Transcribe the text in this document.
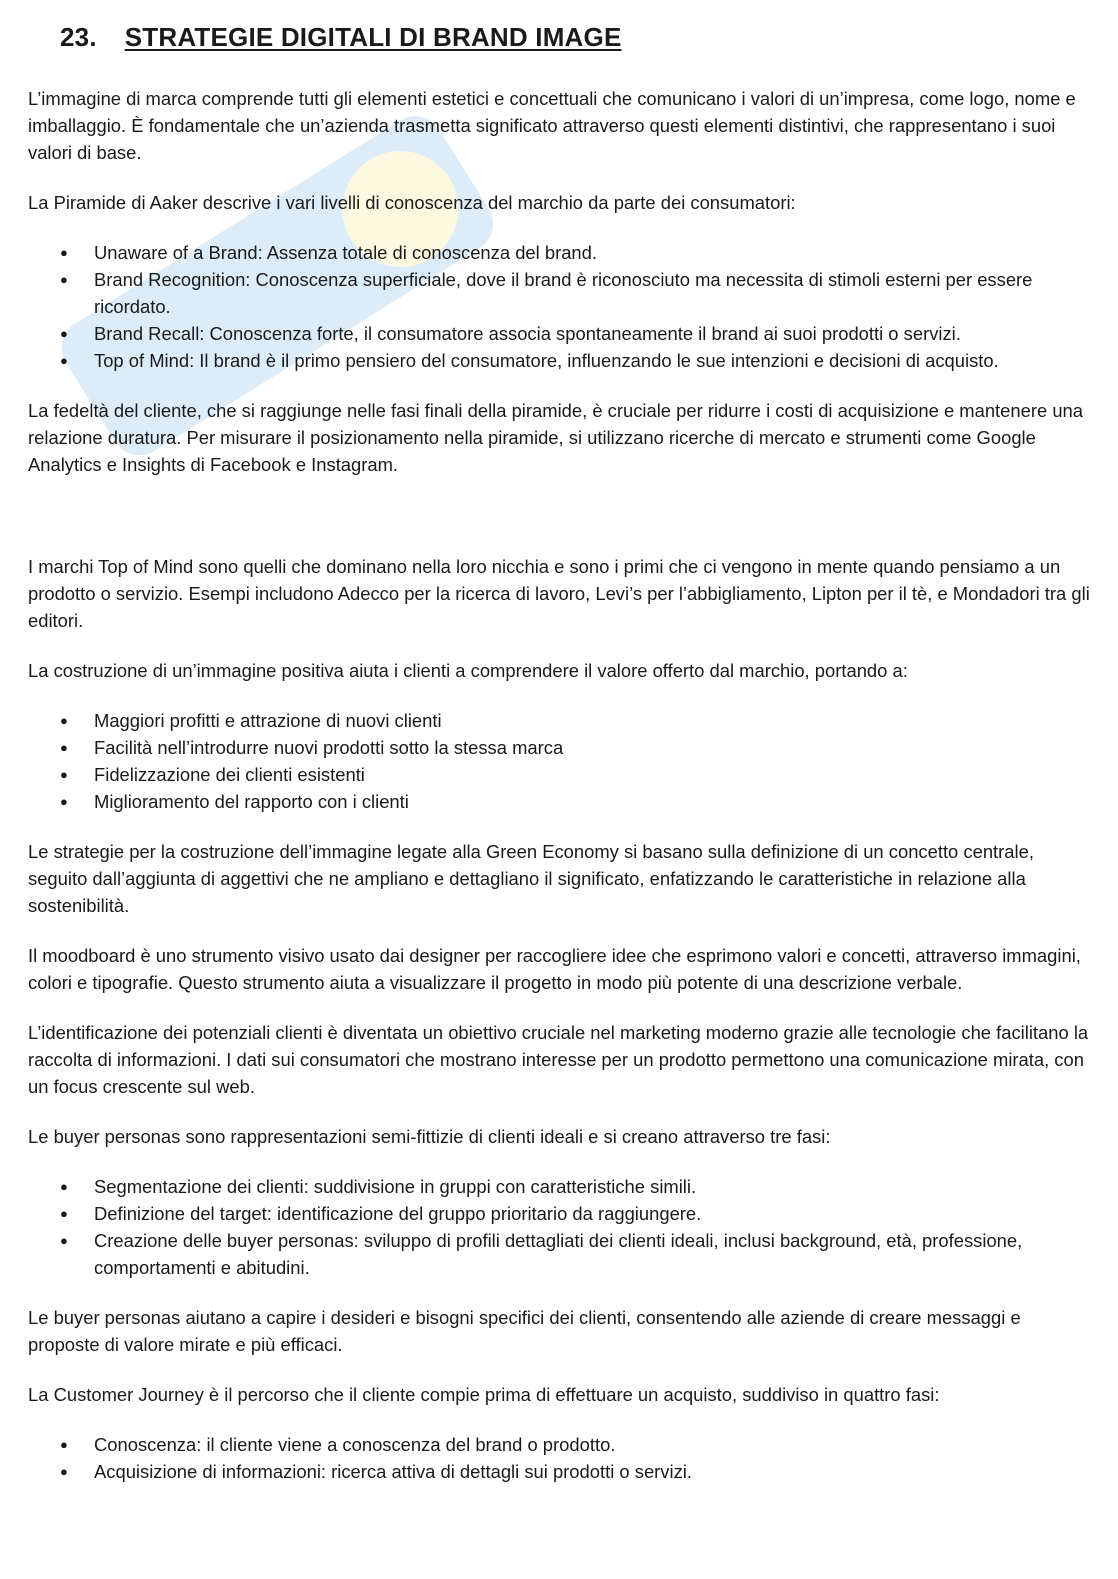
23. STRATEGIE DIGITALI DI BRAND IMAGE

L’immagine di marca comprende tutti gli elementi estetici e concettuali che comunicano i valori di un’impresa, come logo, nome e imballaggio. È fondamentale che un’azienda trasmetta significato attraverso questi elementi distintivi, che rappresentano i suoi valori di base.

La Piramide di Aaker descrive i vari livelli di conoscenza del marchio da parte dei consumatori:

● Unaware of a Brand: Assenza totale di conoscenza del brand.
● Brand Recognition: Conoscenza superficiale, dove il brand è riconosciuto ma necessita di stimoli esterni per essere ricordato.
● Brand Recall: Conoscenza forte, il consumatore associa spontaneamente il brand ai suoi prodotti o servizi.
● Top of Mind: Il brand è il primo pensiero del consumatore, influenzando le sue intenzioni e decisioni di acquisto.

La fedeltà del cliente, che si raggiunge nelle fasi finali della piramide, è cruciale per ridurre i costi di acquisizione e mantenere una relazione duratura. Per misurare il posizionamento nella piramide, si utilizzano ricerche di mercato e strumenti come Google Analytics e Insights di Facebook e Instagram.

I marchi Top of Mind sono quelli che dominano nella loro nicchia e sono i primi che ci vengono in mente quando pensiamo a un prodotto o servizio. Esempi includono Adecco per la ricerca di lavoro, Levi’s per l’abbigliamento, Lipton per il tè, e Mondadori tra gli editori.

La costruzione di un’immagine positiva aiuta i clienti a comprendere il valore offerto dal marchio, portando a:

● Maggiori profitti e attrazione di nuovi clienti
● Facilità nell’introdurre nuovi prodotti sotto la stessa marca
● Fidelizzazione dei clienti esistenti
● Miglioramento del rapporto con i clienti

Le strategie per la costruzione dell’immagine legate alla Green Economy si basano sulla definizione di un concetto centrale, seguito dall’aggiunta di aggettivi che ne ampliano e dettagliano il significato, enfatizzando le caratteristiche in relazione alla sostenibilità.

Il moodboard è uno strumento visivo usato dai designer per raccogliere idee che esprimono valori e concetti, attraverso immagini, colori e tipografie. Questo strumento aiuta a visualizzare il progetto in modo più potente di una descrizione verbale.

L’identificazione dei potenziali clienti è diventata un obiettivo cruciale nel marketing moderno grazie alle tecnologie che facilitano la raccolta di informazioni. I dati sui consumatori che mostrano interesse per un prodotto permettono una comunicazione mirata, con un focus crescente sul web.

Le buyer personas sono rappresentazioni semi-fittizie di clienti ideali e si creano attraverso tre fasi:

● Segmentazione dei clienti: suddivisione in gruppi con caratteristiche simili.
● Definizione del target: identificazione del gruppo prioritario da raggiungere.
● Creazione delle buyer personas: sviluppo di profili dettagliati dei clienti ideali, inclusi background, età, professione, comportamenti e abitudini.

Le buyer personas aiutano a capire i desideri e bisogni specifici dei clienti, consentendo alle aziende di creare messaggi e proposte di valore mirate e più efficaci.

La Customer Journey è il percorso che il cliente compie prima di effettuare un acquisto, suddiviso in quattro fasi:

● Conoscenza: il cliente viene a conoscenza del brand o prodotto.
● Acquisizione di informazioni: ricerca attiva di dettagli sui prodotti o servizi.
